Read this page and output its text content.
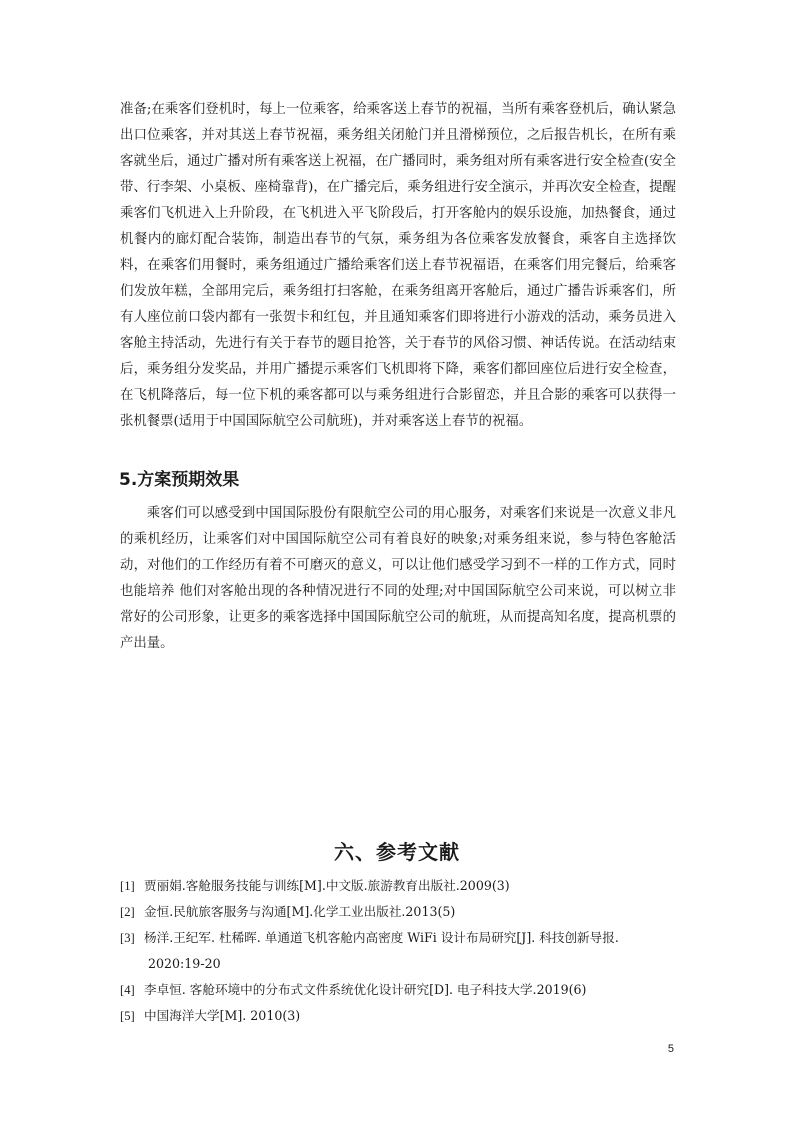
准备;在乘客们登机时，每上一位乘客，给乘客送上春节的祝福，当所有乘客登机后，确认紧急出口位乘客，并对其送上春节祝福，乘务组关闭舱门并且滑梯预位，之后报告机长，在所有乘客就坐后，通过广播对所有乘客送上祝福，在广播同时，乘务组对所有乘客进行安全检查(安全带、行李架、小桌板、座椅靠背)，在广播完后，乘务组进行安全演示，并再次安全检查，提醒乘客们飞机进入上升阶段，在飞机进入平飞阶段后，打开客舱内的娱乐设施，加热餐食，通过机餐内的廊灯配合装饰，制造出春节的气氛，乘务组为各位乘客发放餐食，乘客自主选择饮料，在乘客们用餐时，乘务组通过广播给乘客们送上春节祝福语，在乘客们用完餐后，给乘客们发放年糕，全部用完后，乘务组打扫客舱，在乘务组离开客舱后，通过广播告诉乘客们，所有人座位前口袋内都有一张贺卡和红包，并且通知乘客们即将进行小游戏的活动，乘务员进入客舱主持活动，先进行有关于春节的题目抢答，关于春节的风俗习惯、神话传说。在活动结束后，乘务组分发奖品，并用广播提示乘客们飞机即将下降，乘客们都回座位后进行安全检查，在飞机降落后，每一位下机的乘客都可以与乘务组进行合影留恋，并且合影的乘客可以获得一张机餐票(适用于中国国际航空公司航班)，并对乘客送上春节的祝福。

5.方案预期效果

乘客们可以感受到中国国际股份有限航空公司的用心服务，对乘客们来说是一次意义非凡的乘机经历，让乘客们对中国国际航空公司有着良好的映象;对乘务组来说，参与特色客舱活动，对他们的工作经历有着不可磨灭的意义，可以让他们感受学习到不一样的工作方式，同时也能培养 他们对客舱出现的各种情况进行不同的处理;对中国国际航空公司来说，可以树立非常好的公司形象，让更多的乘客选择中国国际航空公司的航班，从而提高知名度，提高机票的产出量。

六、参考文献
[1] 贾丽娟.客舱服务技能与训练[M].中文版.旅游教育出版社.2009(3)
[2] 金恒.民航旅客服务与沟通[M].化学工业出版社.2013(5)
[3] 杨洋.王纪军. 杜稀晖. 单通道飞机客舱内高密度 WiFi 设计布局研究[J]. 科技创新导报.
2020:19-20
[4] 李卓恒. 客舱环境中的分布式文件系统优化设计研究[D]. 电子科技大学.2019(6)
[5] 中国海洋大学[M]. 2010(3)
5
